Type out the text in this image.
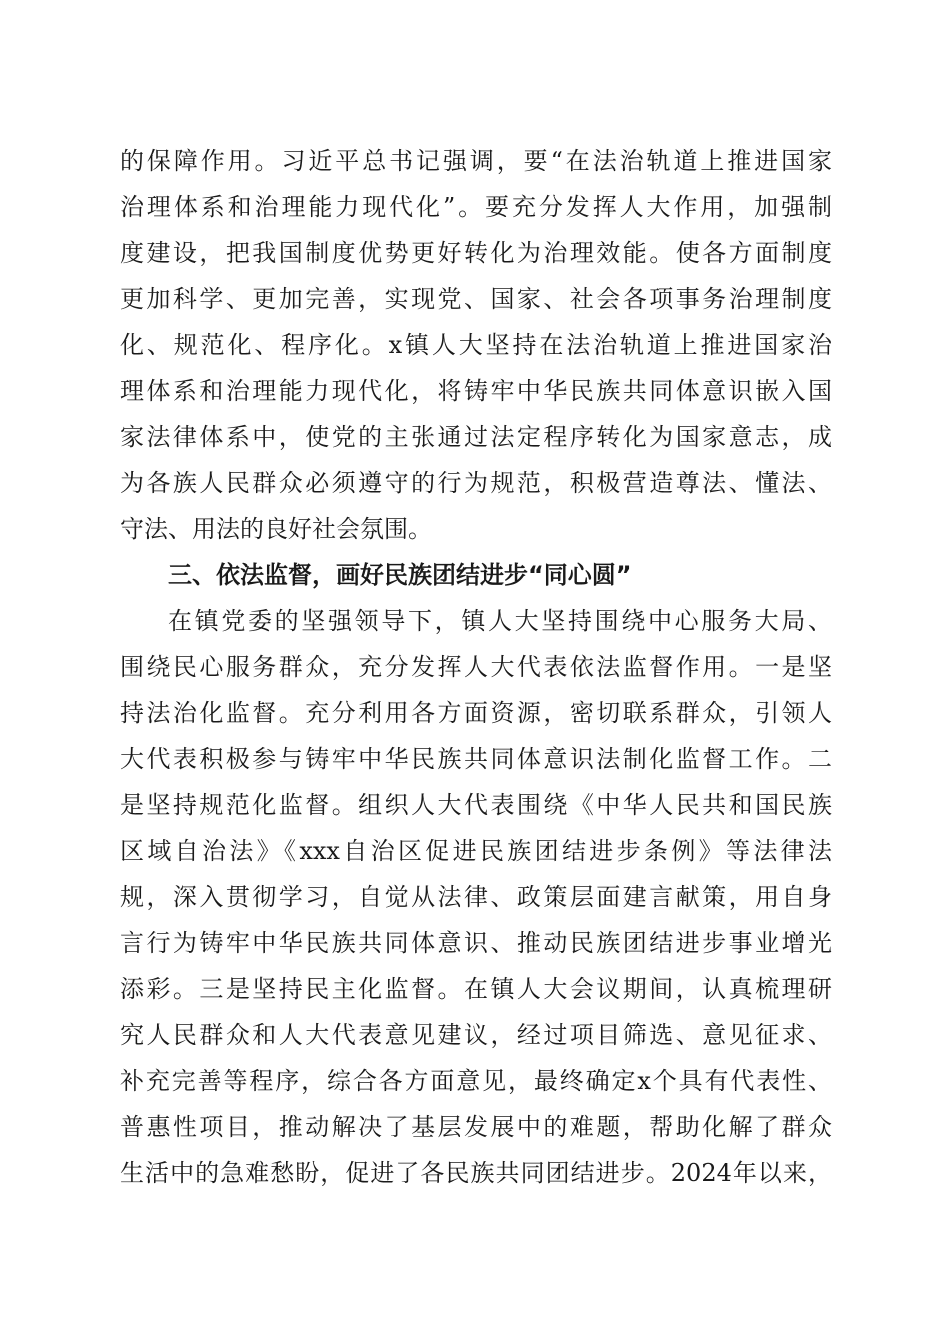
的保障作用。习近平总书记强调，要“在法治轨道上推进国家

治理体系和治理能力现代化”。要充分发挥人大作用，加强制

度建设，把我国制度优势更好转化为治理效能。使各方面制度

更加科学、更加完善，实现党、国家、社会各项事务治理制度

化、规范化、程序化。x镇人大坚持在法治轨道上推进国家治

理体系和治理能力现代化，将铸牢中华民族共同体意识嵌入国

家法律体系中，使党的主张通过法定程序转化为国家意志，成

为各族人民群众必须遵守的行为规范，积极营造尊法、懂法、

守法、用法的良好社会氛围。

三、依法监督，画好民族团结进步“同心圆”

在镇党委的坚强领导下，镇人大坚持围绕中心服务大局、

围绕民心服务群众，充分发挥人大代表依法监督作用。一是坚

持法治化监督。充分利用各方面资源，密切联系群众，引领人

大代表积极参与铸牢中华民族共同体意识法制化监督工作。二

是坚持规范化监督。组织人大代表围绕《中华人民共和国民族

区域自治法》《xxx自治区促进民族团结进步条例》等法律法

规，深入贯彻学习，自觉从法律、政策层面建言献策，用自身

言行为铸牢中华民族共同体意识、推动民族团结进步事业增光

添彩。三是坚持民主化监督。在镇人大会议期间，认真梳理研

究人民群众和人大代表意见建议，经过项目筛选、意见征求、

补充完善等程序，综合各方面意见，最终确定x个具有代表性、

普惠性项目，推动解决了基层发展中的难题，帮助化解了群众

生活中的急难愁盼，促进了各民族共同团结进步。2024年以来，
